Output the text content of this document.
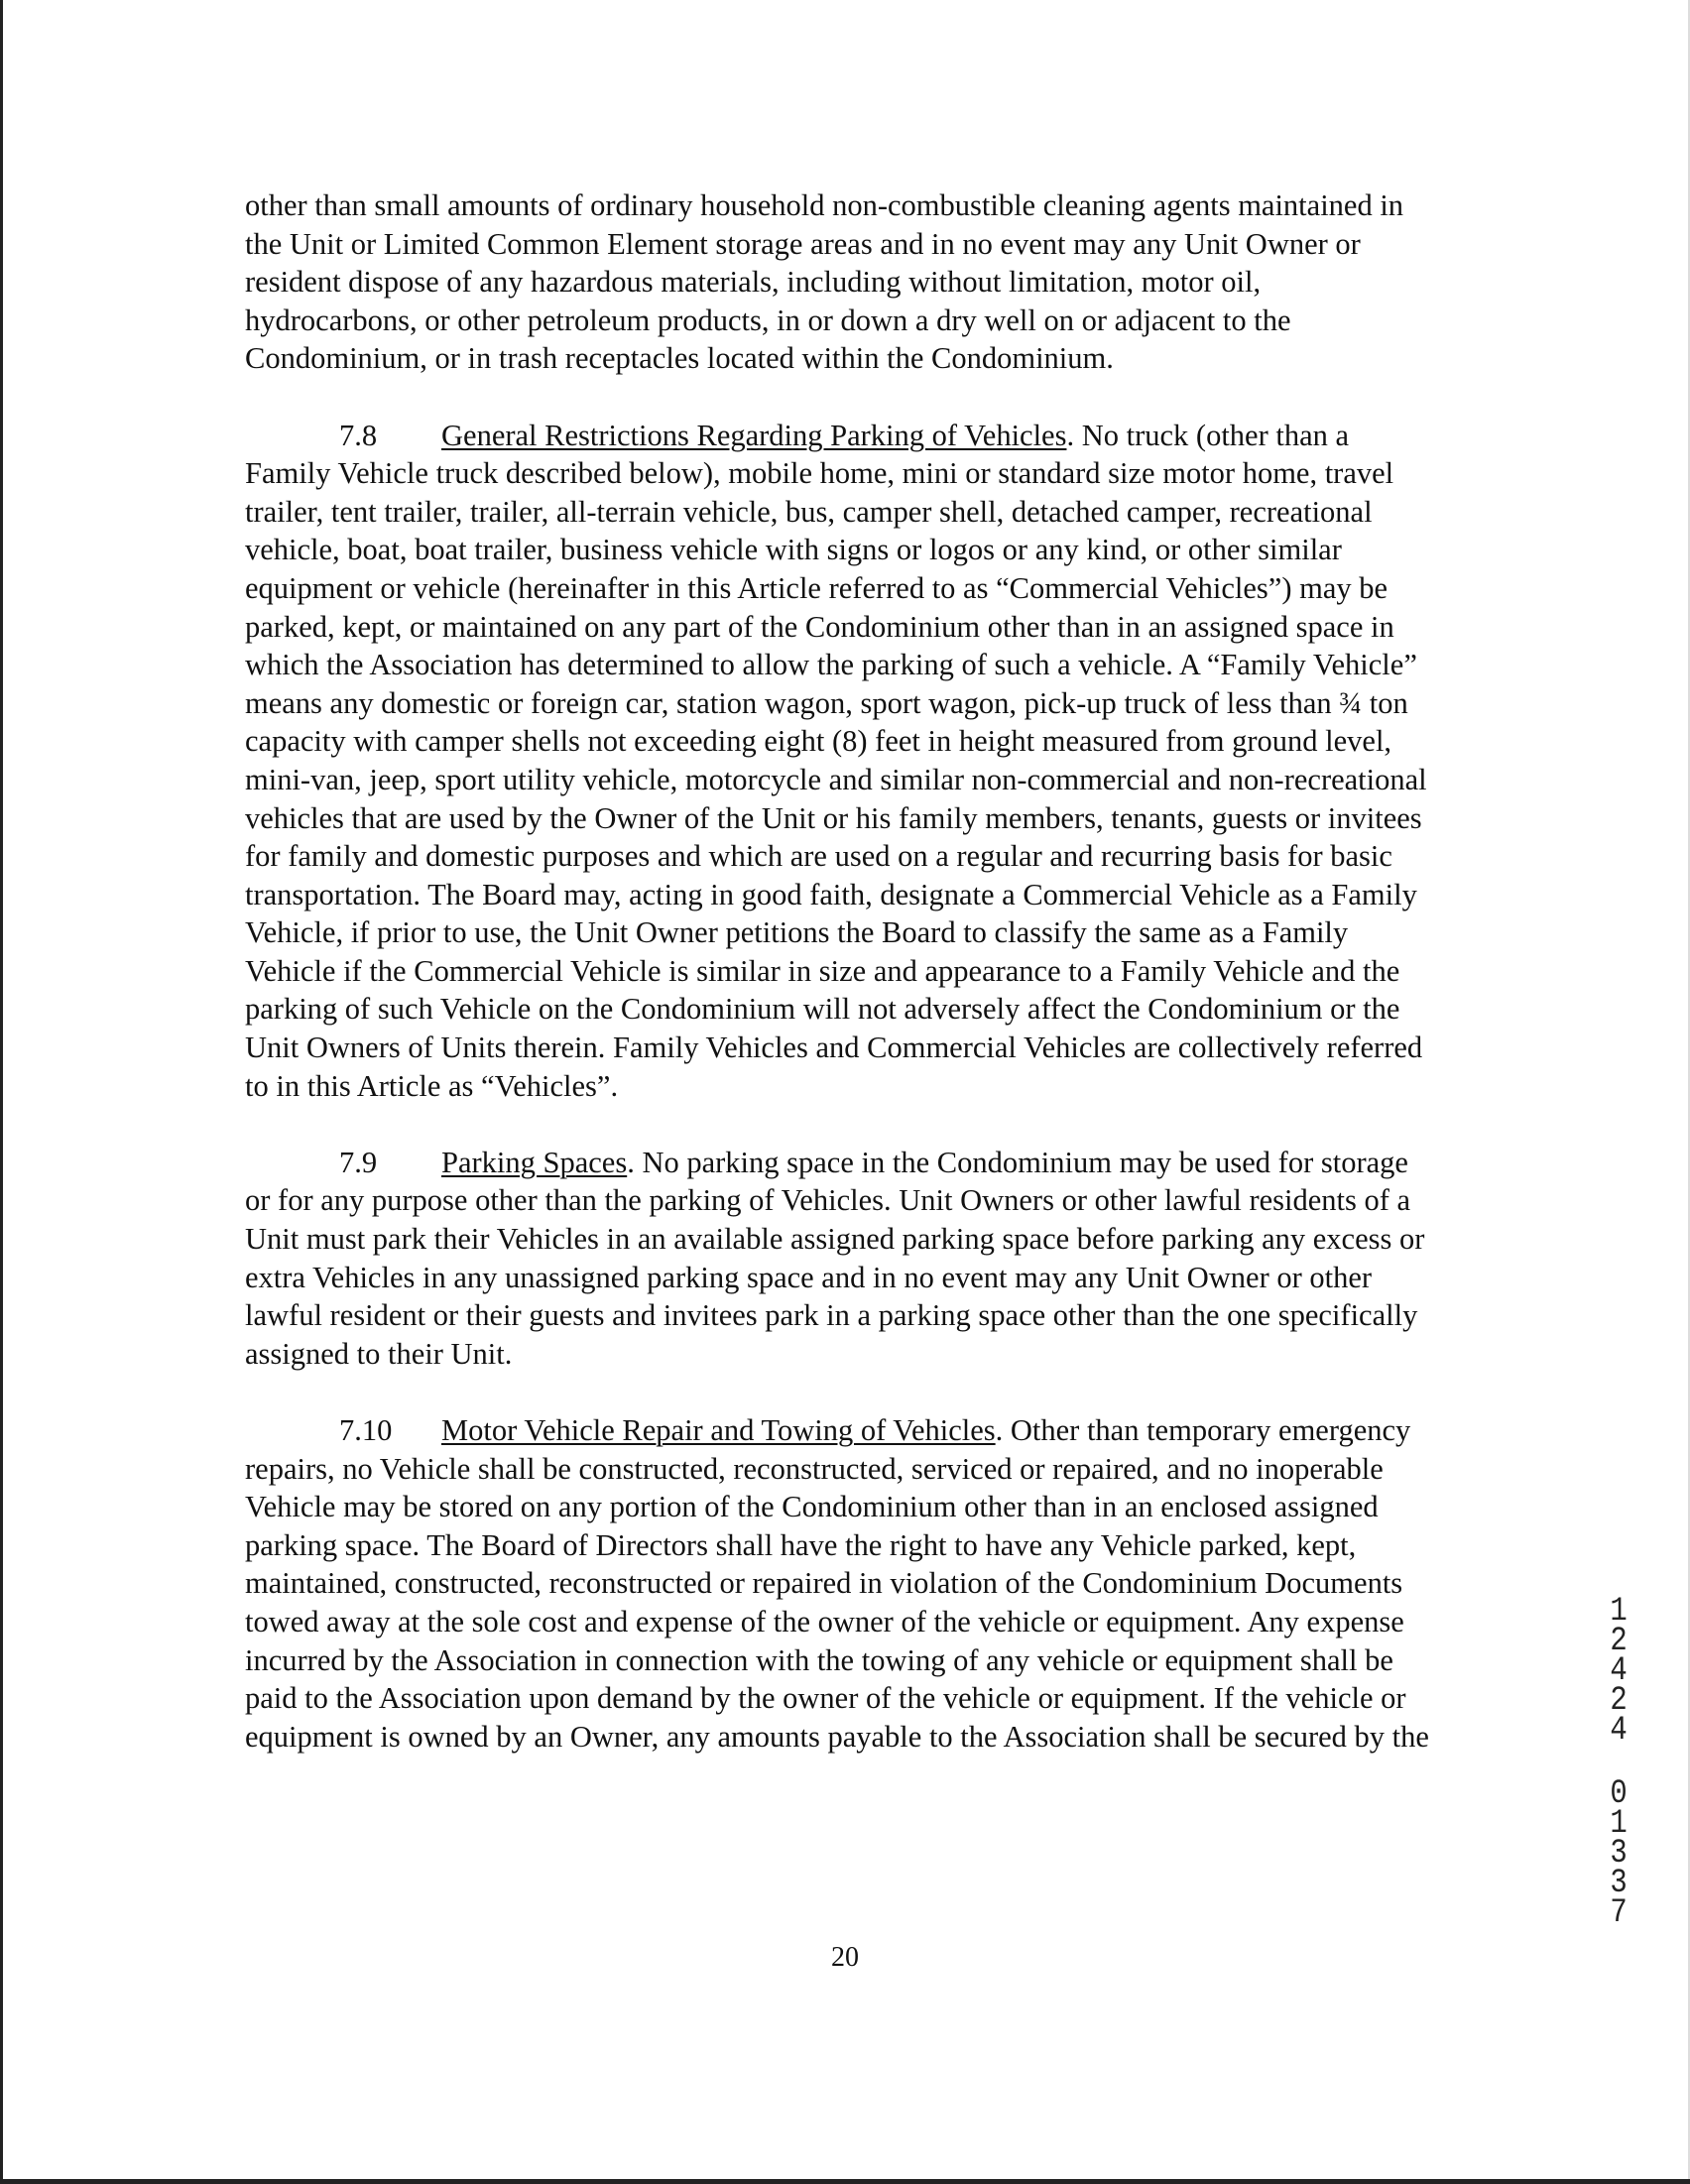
other than small amounts of ordinary household non-combustible cleaning agents maintained in the Unit or Limited Common Element storage areas and in no event may any Unit Owner or resident dispose of any hazardous materials, including without limitation, motor oil, hydrocarbons, or other petroleum products, in or down a dry well on or adjacent to the Condominium, or in trash receptacles located within the Condominium.

7.8 General Restrictions Regarding Parking of Vehicles. No truck (other than a Family Vehicle truck described below), mobile home, mini or standard size motor home, travel trailer, tent trailer, trailer, all-terrain vehicle, bus, camper shell, detached camper, recreational vehicle, boat, boat trailer, business vehicle with signs or logos or any kind, or other similar equipment or vehicle (hereinafter in this Article referred to as “Commercial Vehicles”) may be parked, kept, or maintained on any part of the Condominium other than in an assigned space in which the Association has determined to allow the parking of such a vehicle. A “Family Vehicle” means any domestic or foreign car, station wagon, sport wagon, pick-up truck of less than ¾ ton capacity with camper shells not exceeding eight (8) feet in height measured from ground level, mini-van, jeep, sport utility vehicle, motorcycle and similar non-commercial and non-recreational vehicles that are used by the Owner of the Unit or his family members, tenants, guests or invitees for family and domestic purposes and which are used on a regular and recurring basis for basic transportation. The Board may, acting in good faith, designate a Commercial Vehicle as a Family Vehicle, if prior to use, the Unit Owner petitions the Board to classify the same as a Family Vehicle if the Commercial Vehicle is similar in size and appearance to a Family Vehicle and the parking of such Vehicle on the Condominium will not adversely affect the Condominium or the Unit Owners of Units therein. Family Vehicles and Commercial Vehicles are collectively referred to in this Article as “Vehicles”.

7.9 Parking Spaces. No parking space in the Condominium may be used for storage or for any purpose other than the parking of Vehicles. Unit Owners or other lawful residents of a Unit must park their Vehicles in an available assigned parking space before parking any excess or extra Vehicles in any unassigned parking space and in no event may any Unit Owner or other lawful resident or their guests and invitees park in a parking space other than the one specifically assigned to their Unit.

7.10 Motor Vehicle Repair and Towing of Vehicles. Other than temporary emergency repairs, no Vehicle shall be constructed, reconstructed, serviced or repaired, and no inoperable Vehicle may be stored on any portion of the Condominium other than in an enclosed assigned parking space. The Board of Directors shall have the right to have any Vehicle parked, kept, maintained, constructed, reconstructed or repaired in violation of the Condominium Documents towed away at the sole cost and expense of the owner of the vehicle or equipment. Any expense incurred by the Association in connection with the towing of any vehicle or equipment shall be paid to the Association upon demand by the owner of the vehicle or equipment. If the vehicle or equipment is owned by an Owner, any amounts payable to the Association shall be secured by the

20
1
2
4
2
4
0
1
3
3
7
